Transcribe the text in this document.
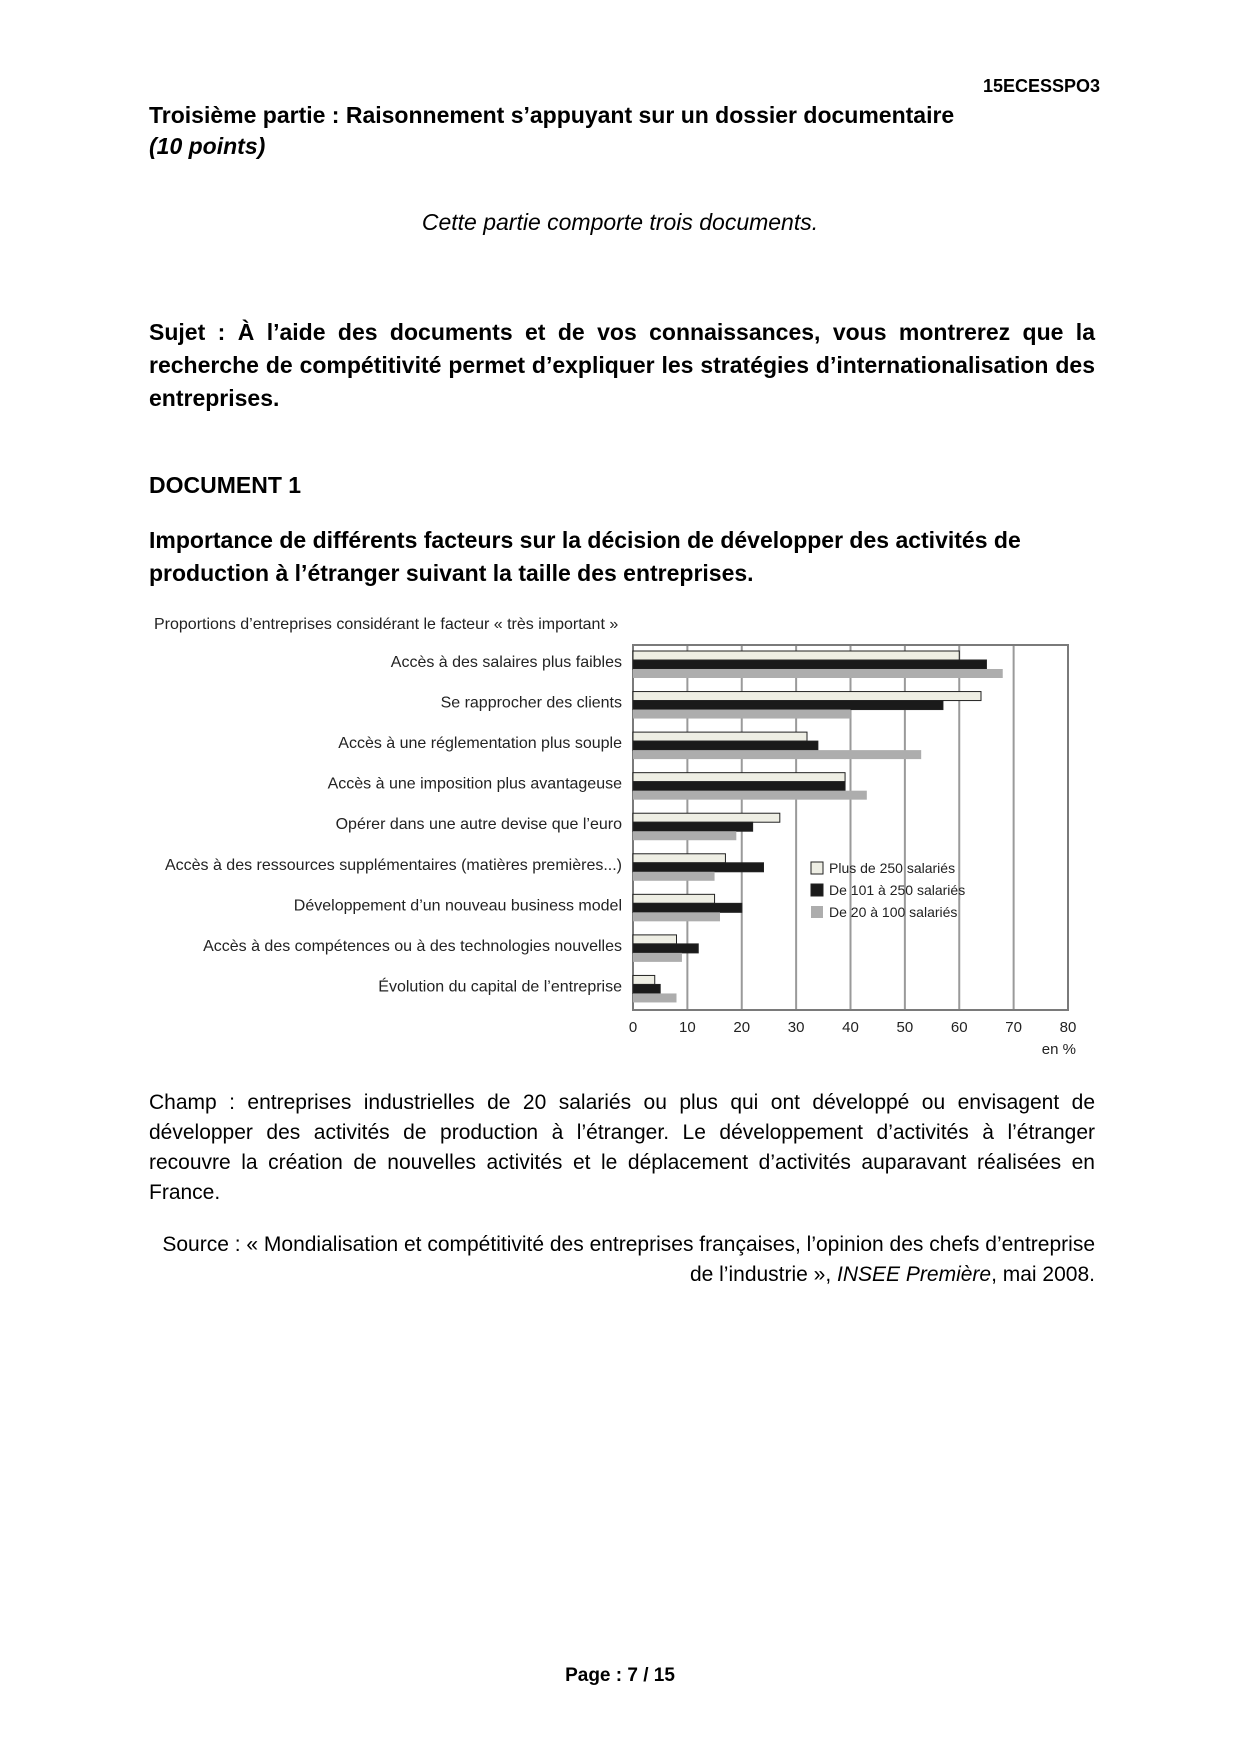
15ECESSPO3
Troisième partie : Raisonnement s’appuyant sur un dossier documentaire
(10 points)
Cette partie comporte trois documents.
Sujet : À l’aide des documents et de vos connaissances, vous montrerez que la recherche de compétitivité permet d’expliquer les stratégies d’internationalisation des entreprises.
DOCUMENT 1
Importance de différents facteurs sur la décision de développer des activités de production à l’étranger suivant la taille des entreprises.
Proportions d’entreprises considérant le facteur « très important »
0	10	20	30	40	50	60	70	80
en %
Accès à des salaires plus faibles
Se rapprocher des clients
Accès à une réglementation plus souple
Accès à une imposition plus avantageuse
Opérer dans une autre devise que l’euro
Accès à des ressources supplémentaires (matières premières...)
Développement d’un nouveau business model
Accès à des compétences ou à des technologies nouvelles
Évolution du capital de l’entreprise
Plus de 250 salariés
De 101 à 250 salariés
De 20 à 100 salariés
Champ : entreprises industrielles de 20 salariés ou plus qui ont développé ou envisagent de développer des activités de production à l’étranger. Le développement d’activités à l’étranger recouvre la création de nouvelles activités et le déplacement d’activités auparavant réalisées en France.
Source : « Mondialisation et compétitivité des entreprises françaises, l’opinion des chefs d’entreprise de l’industrie », INSEE Première, mai 2008.
Page : 7 / 15
